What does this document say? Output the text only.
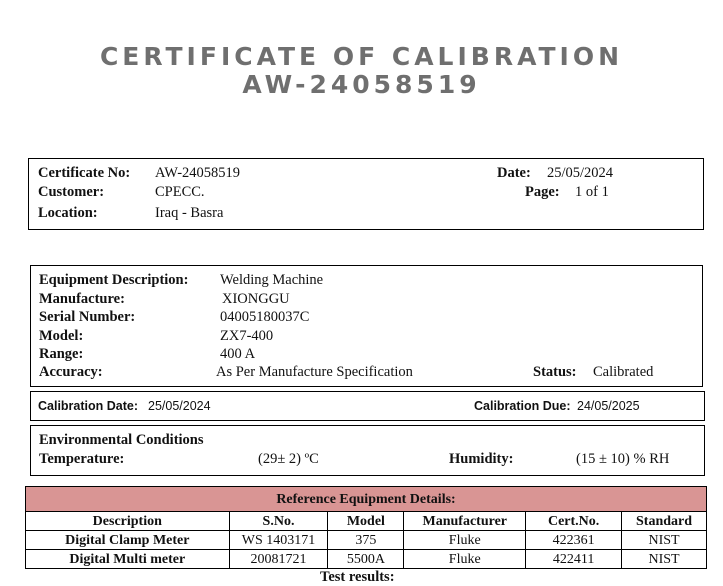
CERTIFICATE OF CALIBRATION
AW-24058519
Certificate No: AW-24058519
Customer:	CPECC.
Location:	Iraq - Basra
Date: 25/05/2024
Page: 1 of 1
Equipment Description: Welding Machine
Manufacture:	XIONGGU
Serial Number:	04005180037C
Model:	ZX7-400
Range:	400 A
Accuracy:	As Per Manufacture Specification	Status: Calibrated
Calibration Date: 25/05/2024	Calibration Due: 24/05/2025
Environmental Conditions
Temperature:	(29± 2) ºC	Humidity:	(15 ± 10) % RH
Reference Equipment Details:					
Description	S.No.	Model	Manufacturer	Cert.No.	Standard
Digital Clamp Meter	WS 1403171	375	Fluke	422361	NIST
Digital Multi meter	20081721	5500A	Fluke	422411	NIST
Test results:
